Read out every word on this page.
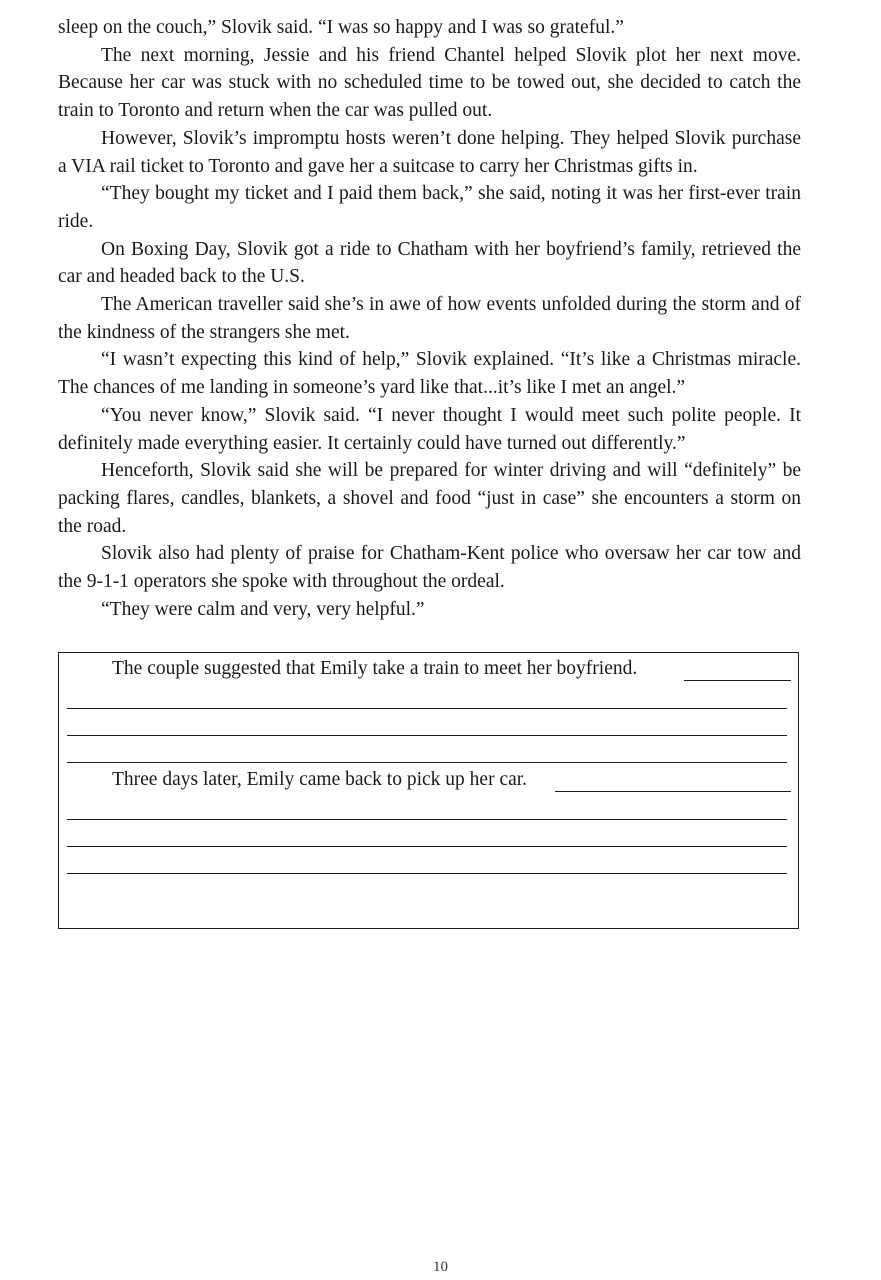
sleep on the couch,” Slovik said. “I was so happy and I was so grateful.”

The next morning, Jessie and his friend Chantel helped Slovik plot her next move. Because her car was stuck with no scheduled time to be towed out, she decided to catch the train to Toronto and return when the car was pulled out.

However, Slovik’s impromptu hosts weren’t done helping. They helped Slovik purchase a VIA rail ticket to Toronto and gave her a suitcase to carry her Christmas gifts in.

“They bought my ticket and I paid them back,” she said, noting it was her first-ever train ride.

On Boxing Day, Slovik got a ride to Chatham with her boyfriend’s family, retrieved the car and headed back to the U.S.

The American traveller said she’s in awe of how events unfolded during the storm and of the kindness of the strangers she met.

“I wasn’t expecting this kind of help,” Slovik explained. “It’s like a Christmas miracle. The chances of me landing in someone’s yard like that...it’s like I met an angel.”

“You never know,” Slovik said. “I never thought I would meet such polite people. It definitely made everything easier. It certainly could have turned out differently.”

Henceforth, Slovik said she will be prepared for winter driving and will “definitely” be packing flares, candles, blankets, a shovel and food “just in case” she encounters a storm on the road.

Slovik also had plenty of praise for Chatham-Kent police who oversaw her car tow and the 9-1-1 operators she spoke with throughout the ordeal.

“They were calm and very, very helpful.”

The couple suggested that Emily take a train to meet her boyfriend.
Three days later, Emily came back to pick up her car.
10
